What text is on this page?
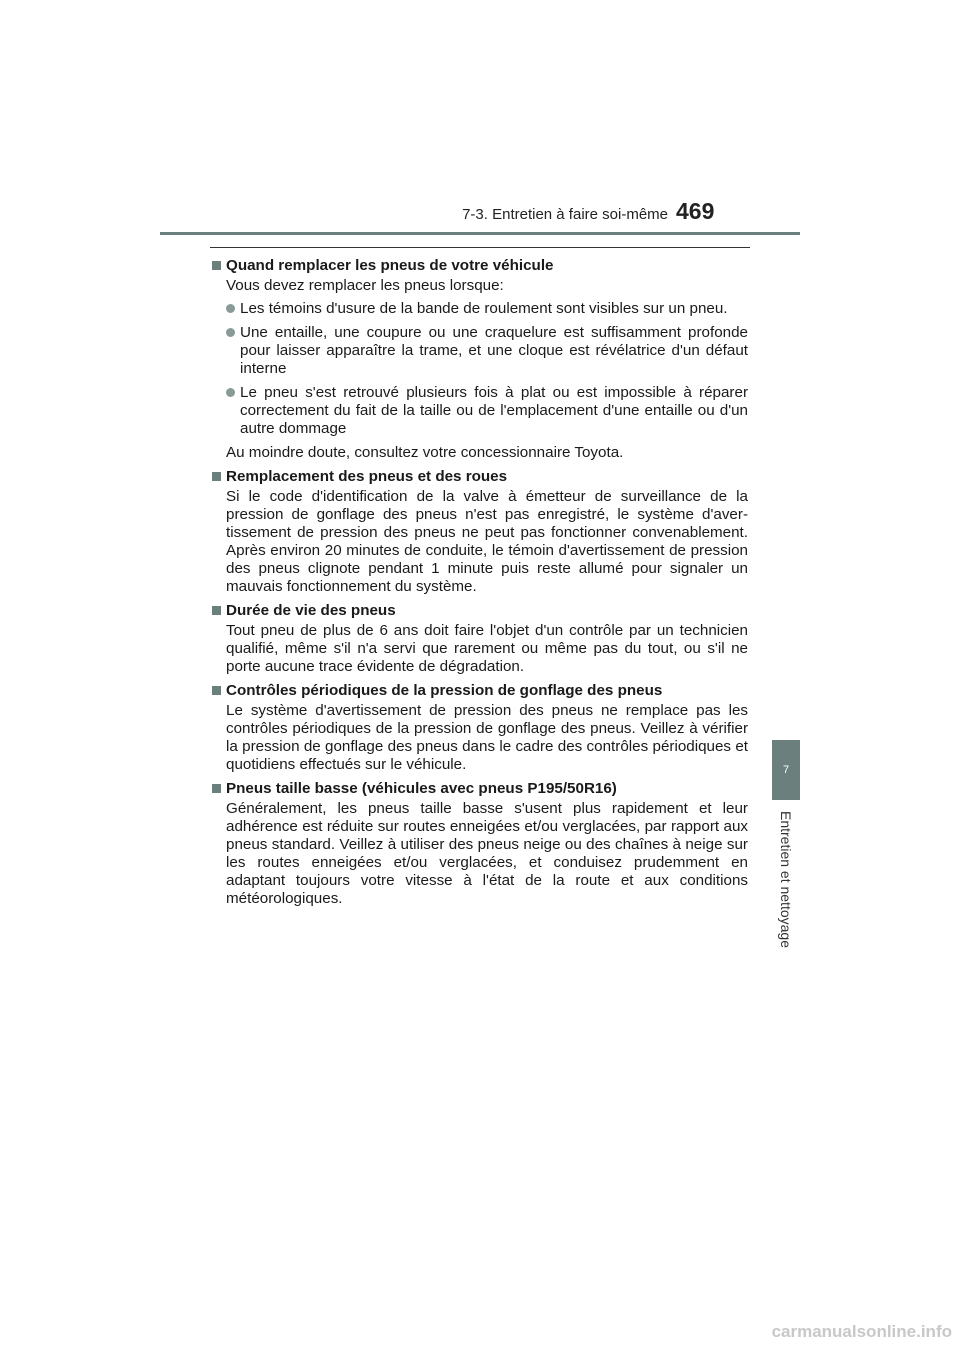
7-3. Entretien à faire soi-même 469
7
Entretien et nettoyage
Quand remplacer les pneus de votre véhicule
Vous devez remplacer les pneus lorsque:
Les témoins d'usure de la bande de roulement sont visibles sur un pneu.
Une entaille, une coupure ou une craquelure est suffisamment profonde pour laisser apparaître la trame, et une cloque est révélatrice d'un défaut interne
Le pneu s'est retrouvé plusieurs fois à plat ou est impossible à réparer correctement du fait de la taille ou de l'emplacement d'une entaille ou d'un autre dommage
Au moindre doute, consultez votre concessionnaire Toyota.
Remplacement des pneus et des roues
Si le code d'identification de la valve à émetteur de surveillance de la pression de gonflage des pneus n'est pas enregistré, le système d'avertissement de pression des pneus ne peut pas fonctionner convenablement. Après environ 20 minutes de conduite, le témoin d'avertissement de pression des pneus clignote pendant 1 minute puis reste allumé pour signaler un mauvais fonctionnement du système.
Durée de vie des pneus
Tout pneu de plus de 6 ans doit faire l'objet d'un contrôle par un technicien qualifié, même s'il n'a servi que rarement ou même pas du tout, ou s'il ne porte aucune trace évidente de dégradation.
Contrôles périodiques de la pression de gonflage des pneus
Le système d'avertissement de pression des pneus ne remplace pas les contrôles périodiques de la pression de gonflage des pneus. Veillez à vérifier la pression de gonflage des pneus dans le cadre des contrôles périodiques et quotidiens effectués sur le véhicule.
Pneus taille basse (véhicules avec pneus P195/50R16)
Généralement, les pneus taille basse s'usent plus rapidement et leur adhérence est réduite sur routes enneigées et/ou verglacées, par rapport aux pneus standard. Veillez à utiliser des pneus neige ou des chaînes à neige sur les routes enneigées et/ou verglacées, et conduisez prudemment en adaptant toujours votre vitesse à l'état de la route et aux conditions météorologiques.
carmanualsonline.info
